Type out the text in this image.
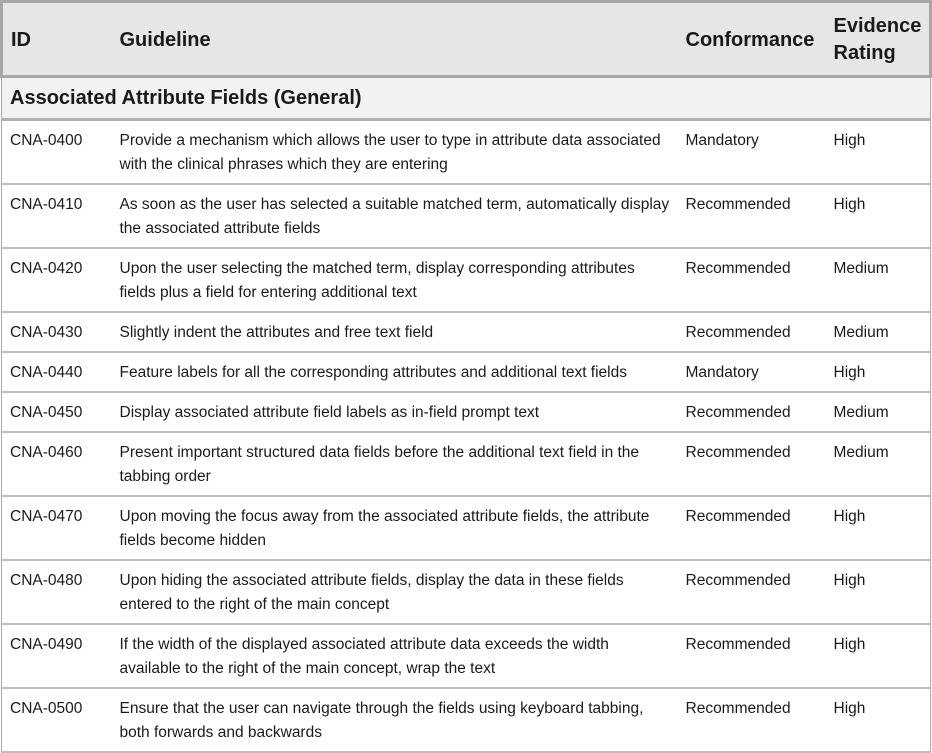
ID	Guideline	Conformance	Evidence Rating
Associated Attribute Fields (General)			
CNA-0400	Provide a mechanism which allows the user to type in attribute data associated with the clinical phrases which they are entering	Mandatory	High
CNA-0410	As soon as the user has selected a suitable matched term, automatically display the associated attribute fields	Recommended	High
CNA-0420	Upon the user selecting the matched term, display corresponding attributes fields plus a field for entering additional text	Recommended	Medium
CNA-0430	Slightly indent the attributes and free text field	Recommended	Medium
CNA-0440	Feature labels for all the corresponding attributes and additional text fields	Mandatory	High
CNA-0450	Display associated attribute field labels as in-field prompt text	Recommended	Medium
CNA-0460	Present important structured data fields before the additional text field in the tabbing order	Recommended	Medium
CNA-0470	Upon moving the focus away from the associated attribute fields, the attribute fields become hidden	Recommended	High
CNA-0480	Upon hiding the associated attribute fields, display the data in these fields entered to the right of the main concept	Recommended	High
CNA-0490	If the width of the displayed associated attribute data exceeds the width available to the right of the main concept, wrap the text	Recommended	High
CNA-0500	Ensure that the user can navigate through the fields using keyboard tabbing, both forwards and backwards	Recommended	High
